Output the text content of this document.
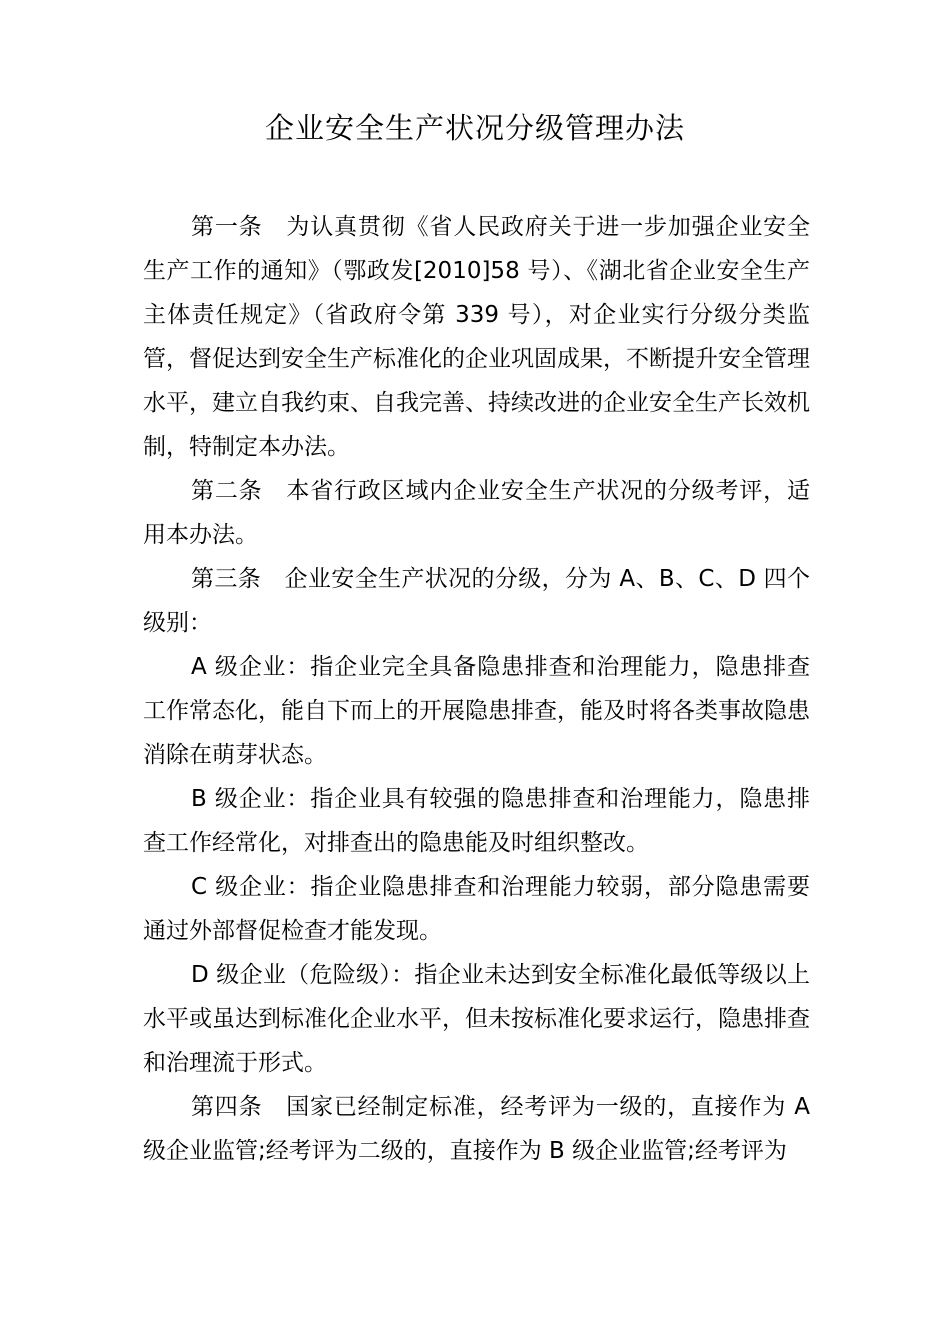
企业安全生产状况分级管理办法

第一条　 为认真贯彻《省人民政府关于进一步加强企业安全生产工作的通知》（鄂政发[2010]58 号）、《湖北省企业安全生产主体责任规定》（省政府令第 339 号），对企业实行分级分类监管，督促达到安全生产标准化的企业巩固成果，不断提升安全管理水平，建立自我约束、自我完善、持续改进的企业安全生产长效机制，特制定本办法。

第二条　 本省行政区域内企业安全生产状况的分级考评，适用本办法。

第三条　 企业安全生产状况的分级，分为 A、B、C、D 四个级别：

A 级企业：指企业完全具备隐患排查和治理能力，隐患排查工作常态化，能自下而上的开展隐患排查，能及时将各类事故隐患消除在萌芽状态。

B 级企业：指企业具有较强的隐患排查和治理能力，隐患排查工作经常化，对排查出的隐患能及时组织整改。

C 级企业：指企业隐患排查和治理能力较弱，部分隐患需要通过外部督促检查才能发现。

D 级企业（危险级）：指企业未达到安全标准化最低等级以上水平或虽达到标准化企业水平，但未按标准化要求运行，隐患排查和治理流于形式。

第四条　 国家已经制定标准，经考评为一级的，直接作为 A 级企业监管;经考评为二级的，直接作为 B 级企业监管;经考评为
